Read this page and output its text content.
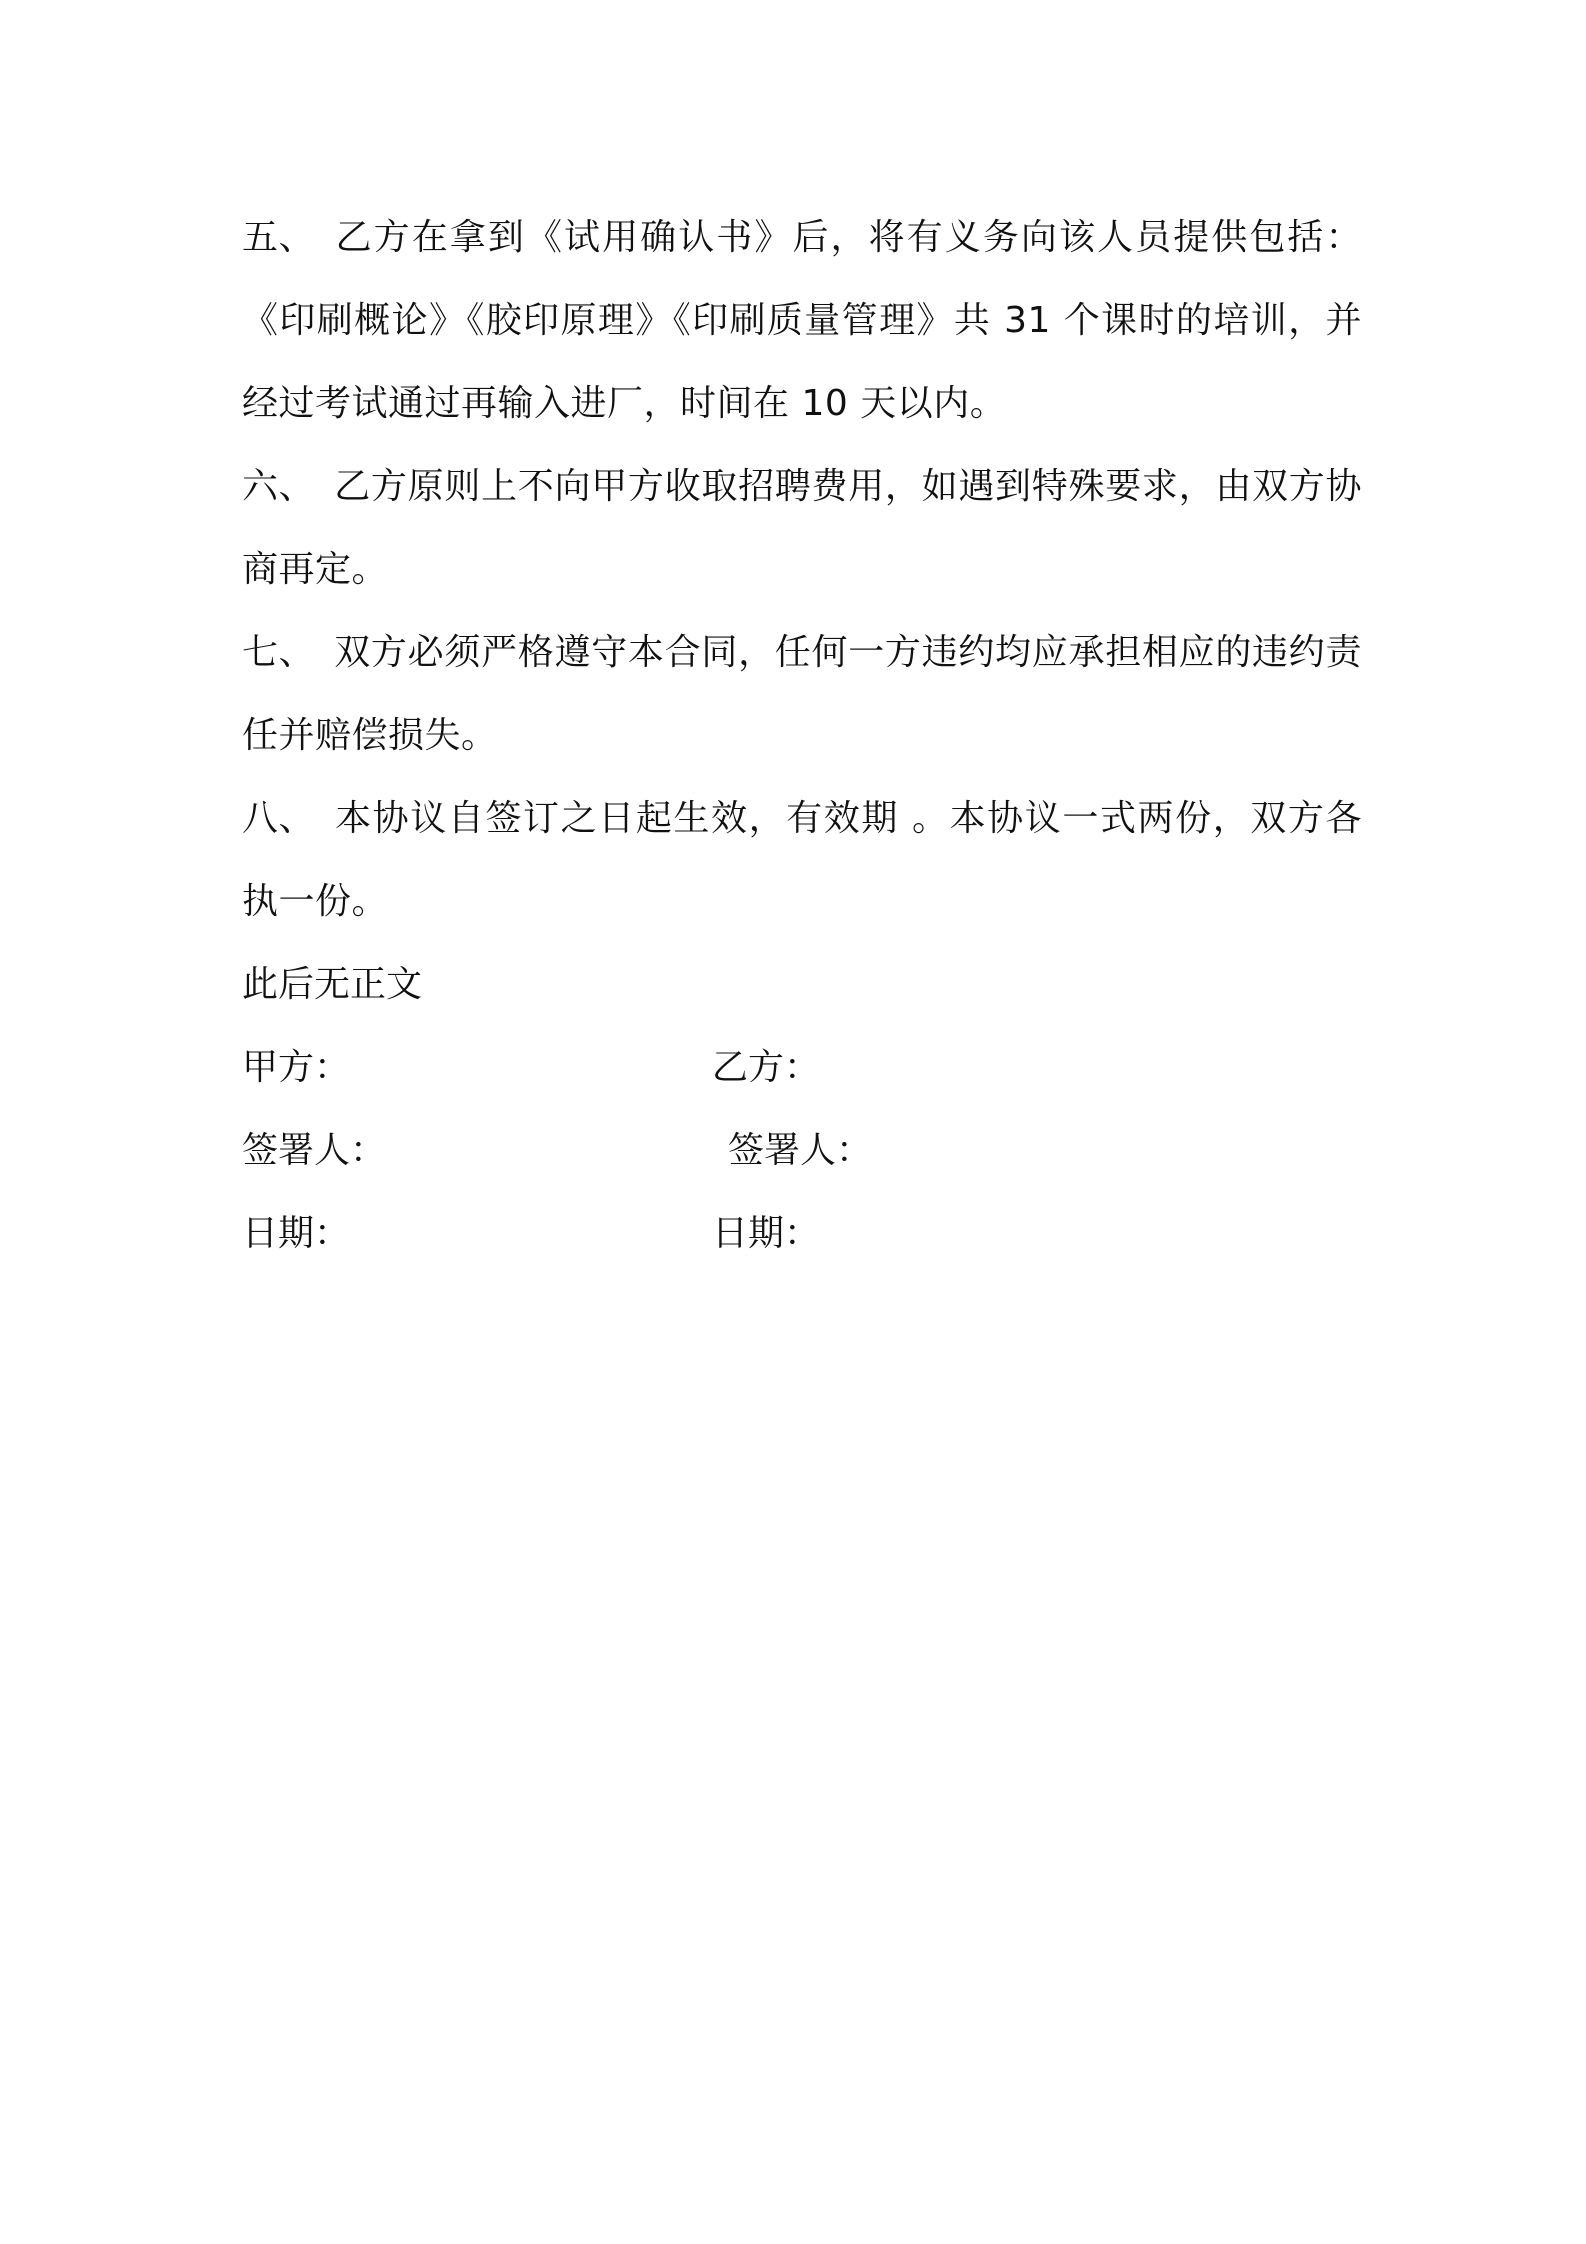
五、 乙方在拿到《试用确认书》后，将有义务向该人员提供包括：《印刷概论》《胶印原理》《印刷质量管理》共 31 个课时的培训，并经过考试通过再输入进厂，时间在 10 天以内。

六、 乙方原则上不向甲方收取招聘费用，如遇到特殊要求，由双方协商再定。

七、 双方必须严格遵守本合同，任何一方违约均应承担相应的违约责任并赔偿损失。

八、 本协议自签订之日起生效，有效期 。本协议一式两份，双方各执一份。

此后无正文

甲方：	乙方：
签署人：	签署人：
日期：	日期：
